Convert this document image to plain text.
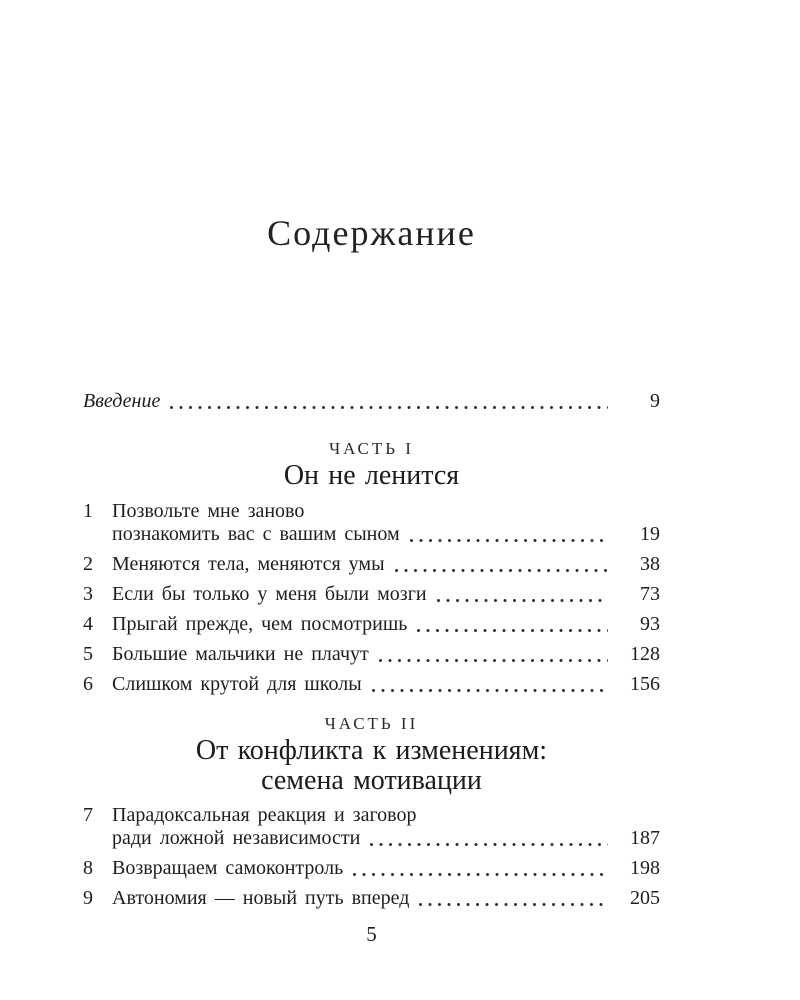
Содержание
Введение	9
ЧАСТЬ I
Он не ленится
1 Позвольте мне заново
познакомить вас с вашим сыном	19
2 Меняются тела, меняются умы	38
3 Если бы только у меня были мозги	73
4 Прыгай прежде, чем посмотришь	93
5 Большие мальчики не плачут	128
6 Слишком крутой для школы	156
ЧАСТЬ II
От конфликта к изменениям:
семена мотивации
7 Парадоксальная реакция и заговор
ради ложной независимости	187
8 Возвращаем самоконтроль	198
9 Автономия — новый путь вперед	205
5
